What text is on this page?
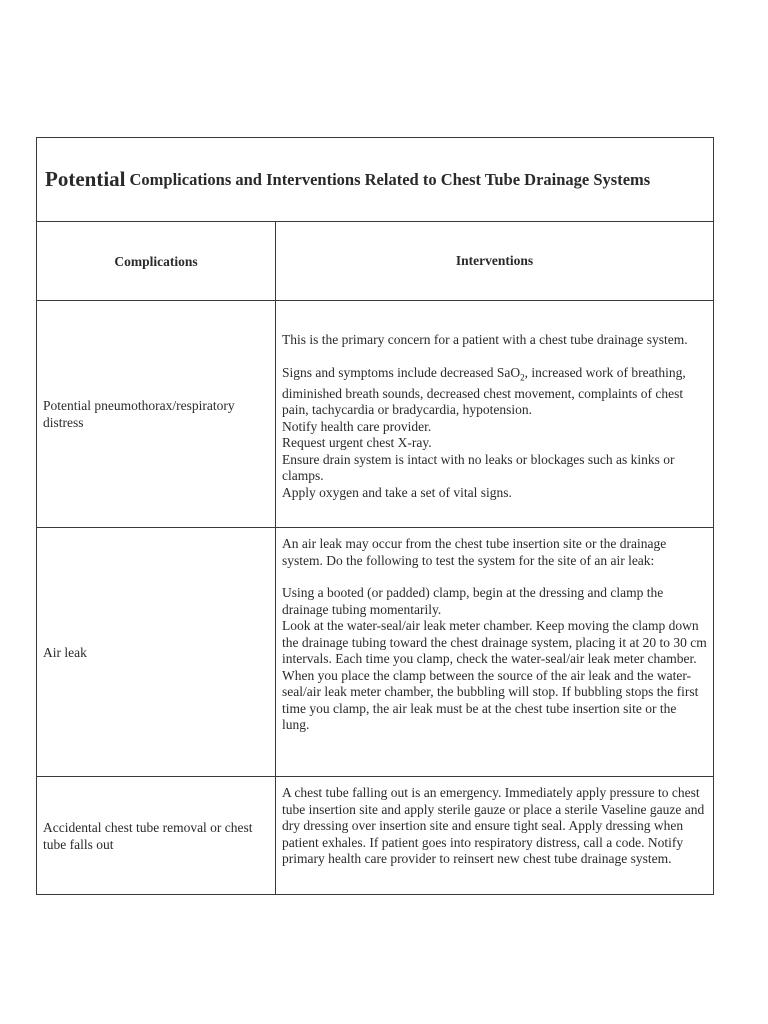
Potential Complications and Interventions Related to Chest Tube Drainage Systems
Complications	Interventions
Potential pneumothorax/respiratory distress

This is the primary concern for a patient with a chest tube drainage system.

Signs and symptoms include decreased SaO$_2$, increased work of breathing, diminished breath sounds, decreased chest movement, complaints of chest pain, tachycardia or bradycardia, hypotension.

Notify health care provider.

Request urgent chest X-ray.

Ensure drain system is intact with no leaks or blockages such as kinks or clamps.

Apply oxygen and take a set of vital signs.

Air leak

An air leak may occur from the chest tube insertion site or the drainage system. Do the following to test the system for the site of an air leak:

Using a booted (or padded) clamp, begin at the dressing and clamp the drainage tubing momentarily.

Look at the water-seal/air leak meter chamber. Keep moving the clamp down the drainage tubing toward the chest drainage system, placing it at 20 to 30 cm intervals. Each time you clamp, check the water-seal/air leak meter chamber.

When you place the clamp between the source of the air leak and the water-seal/air leak meter chamber, the bubbling will stop. If bubbling stops the first time you clamp, the air leak must be at the chest tube insertion site or the lung.

Accidental chest tube removal or chest tube falls out

A chest tube falling out is an emergency. Immediately apply pressure to chest tube insertion site and apply sterile gauze or place a sterile Vaseline gauze and dry dressing over insertion site and ensure tight seal. Apply dressing when patient exhales. If patient goes into respiratory distress, call a code. Notify primary health care provider to reinsert new chest tube drainage system.
